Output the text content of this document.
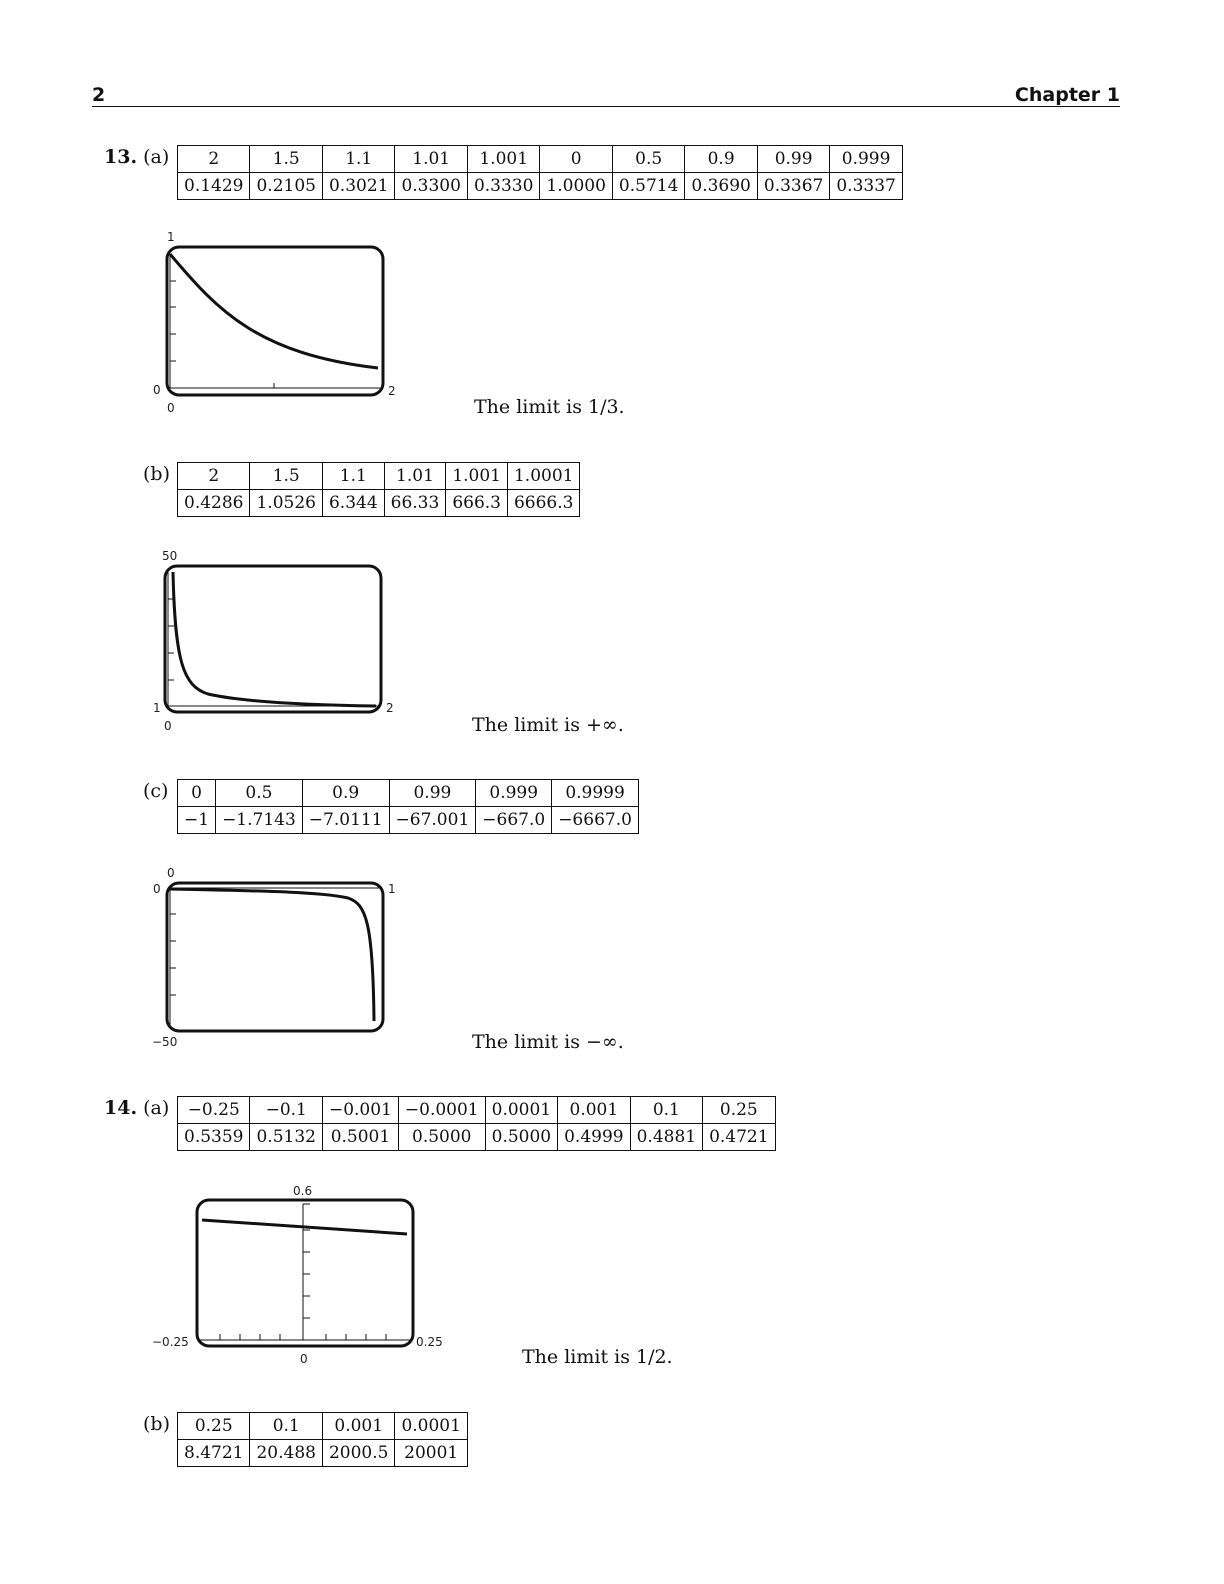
2	Chapter 1
13. (a) 2	1.5	1.1	1.01	1.001	0	0.5	0.9	0.99	0.999
0.1429	0.2105	0.3021	0.3300	0.3330	1.0000	0.5714	0.3690	0.3367	0.3337
1
0
0
2
The limit is 1/3.
(b) 2	1.5	1.1	1.01	1.001	1.0001
0.4286	1.0526	6.344	66.33	666.3	6666.3
50
1
0
2
The limit is +∞.
(c) 0	0.5	0.9	0.99	0.999	0.9999
−1	−1.7143	−7.0111	−67.001	−667.0	−6667.0
0
0	1
−50	The limit is −∞.
14. (a) −0.25	−0.1	−0.001	−0.0001	0.0001	0.001	0.1	0.25
0.5359	0.5132	0.5001	0.5000	0.5000	0.4999	0.4881	0.4721
0.6
−0.25	0.25
0	The limit is 1/2.
(b) 0.25	0.1	0.001	0.0001
8.4721	20.488	2000.5	20001
